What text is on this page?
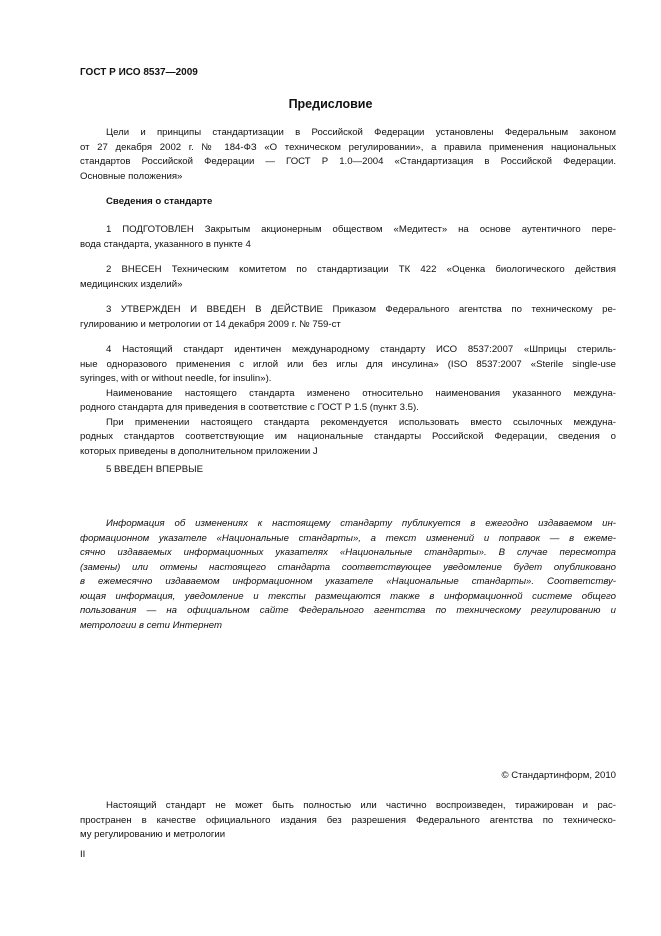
ГОСТ Р ИСО 8537—2009
Предисловие
Цели и принципы стандартизации в Российской Федерации установлены Федеральным законом
от 27 декабря 2002 г. № 184-ФЗ «О техническом регулировании», а правила применения национальных
стандартов Российской Федерации — ГОСТ Р 1.0—2004 «Стандартизация в Российской Федерации.
Основные положения»
Сведения о стандарте
1 ПОДГОТОВЛЕН Закрытым акционерным обществом «Медитест» на основе аутентичного пере-
вода стандарта, указанного в пункте 4
2 ВНЕСЕН Техническим комитетом по стандартизации ТК 422 «Оценка биологического действия
медицинских изделий»
3 УТВЕРЖДЕН И ВВЕДЕН В ДЕЙСТВИЕ Приказом Федерального агентства по техническому ре-
гулированию и метрологии от 14 декабря 2009 г. № 759-ст
4 Настоящий стандарт идентичен международному стандарту ИСО 8537:2007 «Шприцы стериль-
ные одноразового применения с иглой или без иглы для инсулина» (ISO 8537:2007 «Sterile single-use
syringes, with or without needle, for insulin»).
Наименование настоящего стандарта изменено относительно наименования указанного междуна-
родного стандарта для приведения в соответствие с ГОСТ Р 1.5 (пункт 3.5).
При применении настоящего стандарта рекомендуется использовать вместо ссылочных междуна-
родных стандартов соответствующие им национальные стандарты Российской Федерации, сведения о
которых приведены в дополнительном приложении J
5 ВВЕДЕН ВПЕРВЫЕ
Информация об изменениях к настоящему стандарту публикуется в ежегодно издаваемом ин-
формационном указателе «Национальные стандарты», а текст изменений и поправок — в ежеме-
сячно издаваемых информационных указателях «Национальные стандарты». В случае пересмотра
(замены) или отмены настоящего стандарта соответствующее уведомление будет опубликовано
в ежемесячно издаваемом информационном указателе «Национальные стандарты». Соответству-
ющая информация, уведомление и тексты размещаются также в информационной системе общего
пользования — на официальном сайте Федерального агентства по техническому регулированию и
метрологии в сети Интернет
© Стандартинформ, 2010
Настоящий стандарт не может быть полностью или частично воспроизведен, тиражирован и рас-
пространен в качестве официального издания без разрешения Федерального агентства по техническо-
му регулированию и метрологии
II
